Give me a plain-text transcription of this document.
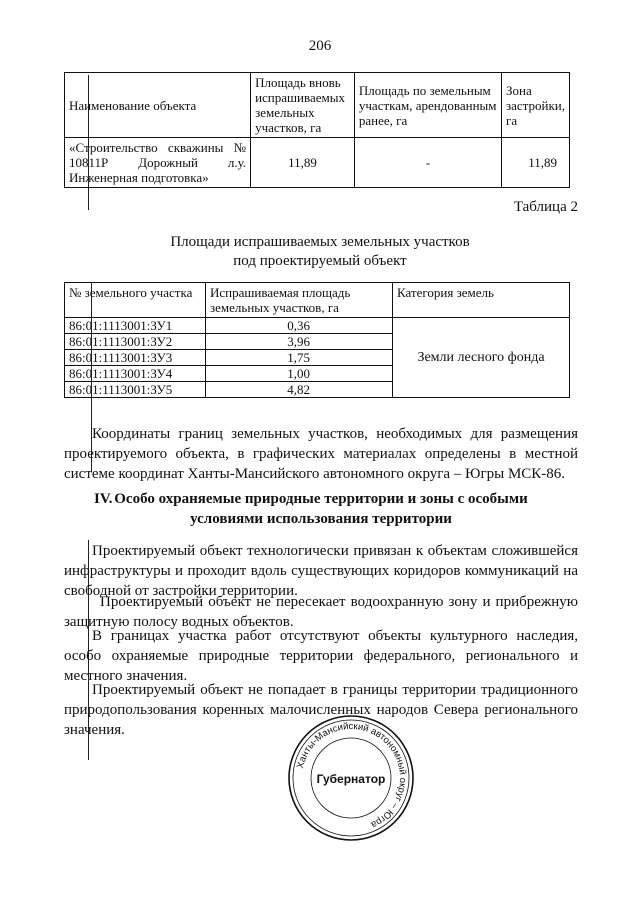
206
Наименование объекта	Площадь вновь испрашиваемых земельных участков, га	Площадь по земельным участкам, арендованным ранее, га	Зона застройки, га
«Строительство скважины № 10811Р Дорожный л.у. Инженерная подготовка»	11,89	-	11,89
Таблица 2
Площади испрашиваемых земельных участков
под проектируемый объект
№ земельного участка	Испрашиваемая площадь земельных участков, га	Категория земель
86:01:1113001:ЗУ1	0,36	Земли лесного фонда
86:01:1113001:ЗУ2	3,96	
86:01:1113001:ЗУ3	1,75	
86:01:1113001:ЗУ4	1,00	
86:01:1113001:ЗУ5	4,82	
Координаты границ земельных участков, необходимых для размещения проектируемого объекта, в графических материалах определены в местной системе координат Ханты-Мансийского автономного округа – Югры МСК-86.
IV. Особо охраняемые природные территории и зоны с особыми
условиями использования территории
Проектируемый объект технологически привязан к объектам сложившейся инфраструктуры и проходит вдоль существующих коридоров коммуникаций на свободной от застройки территории.
Проектируемый объект не пересекает водоохранную зону и прибрежную защитную полосу водных объектов.
В границах участка работ отсутствуют объекты культурного наследия, особо охраняемые природные территории федерального, регионального и местного значения.
Проектируемый объект не попадает в границы территории традиционного природопользования коренных малочисленных народов Севера регионального значения.
Ханты-Мансийский автономный округ – Югра
Губернатор
